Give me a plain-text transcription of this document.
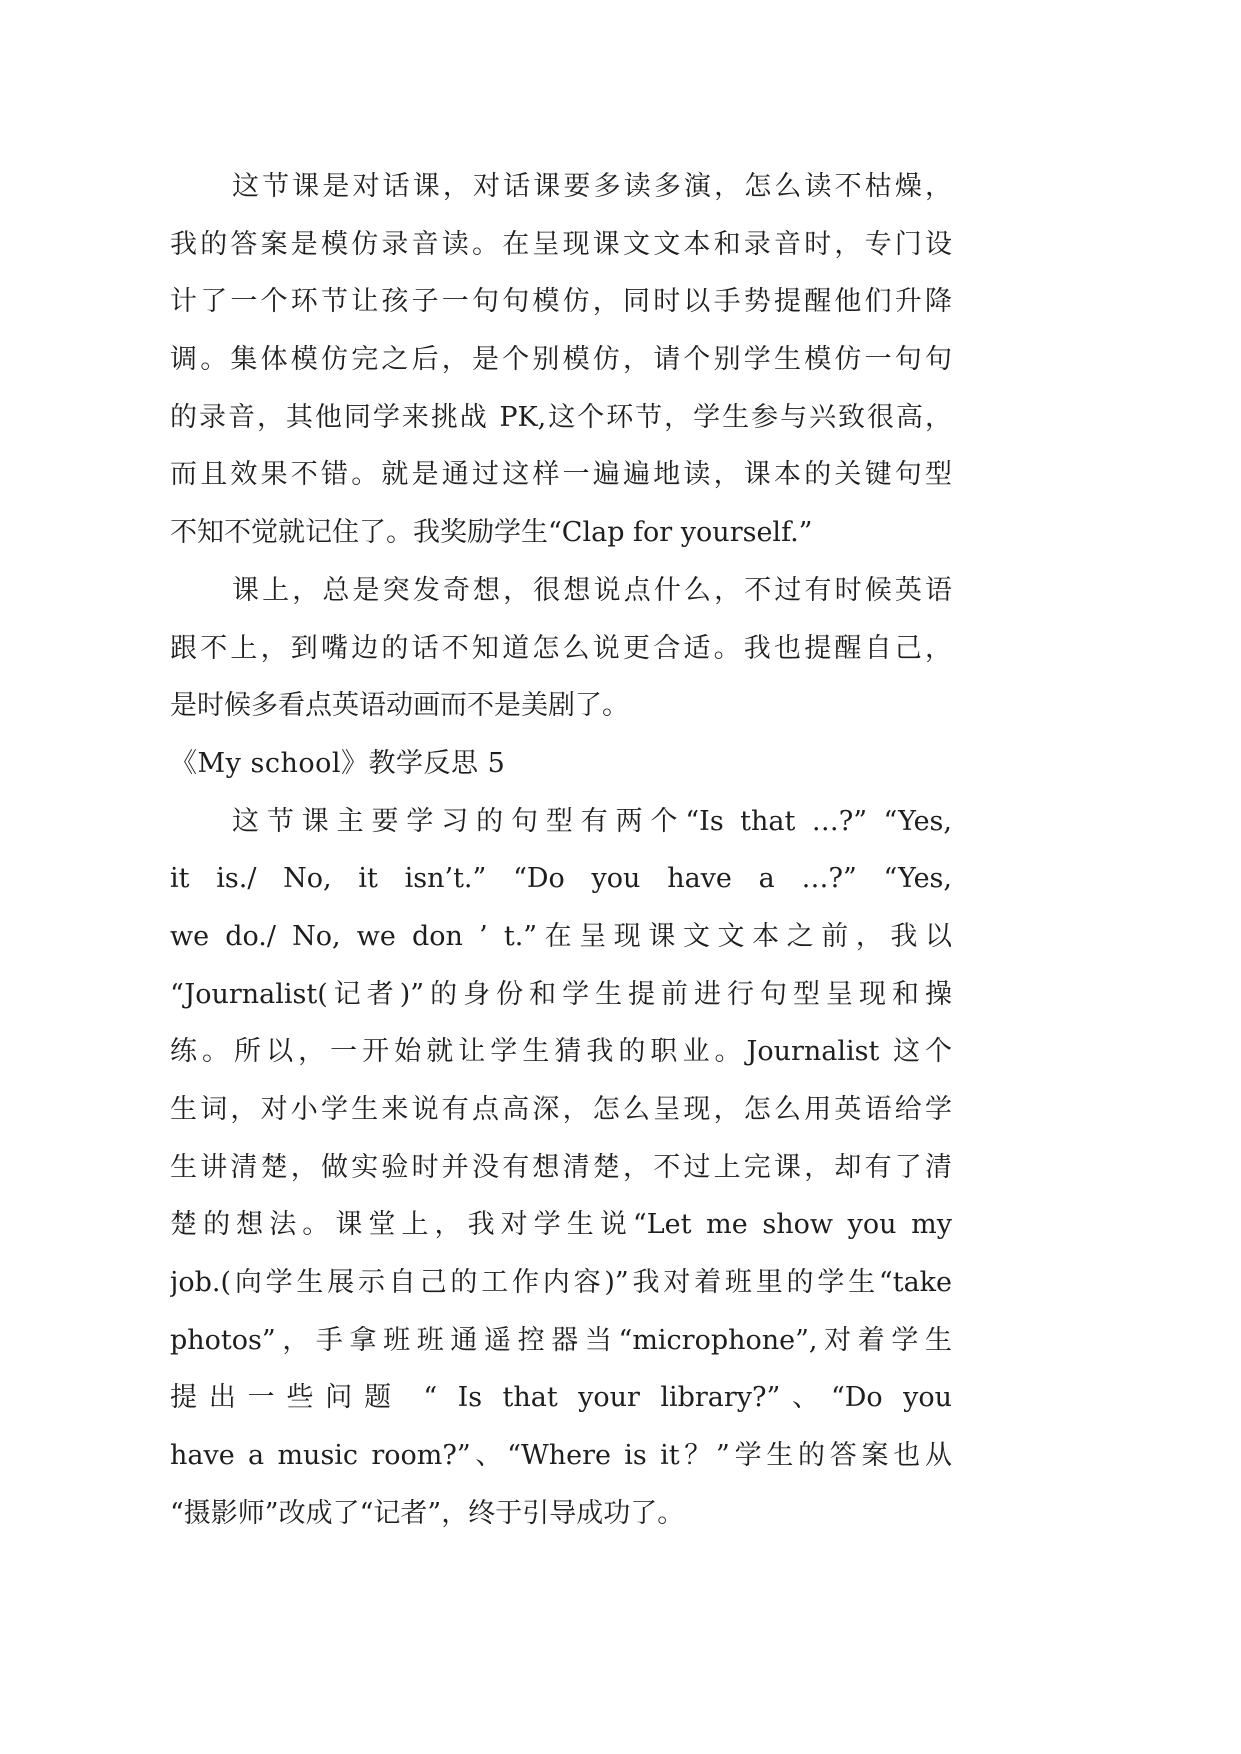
这节课是对话课，对话课要多读多演，怎么读不枯燥，
我的答案是模仿录音读。在呈现课文文本和录音时，专门设
计了一个环节让孩子一句句模仿，同时以手势提醒他们升降
调。集体模仿完之后，是个别模仿，请个别学生模仿一句句
的录音，其他同学来挑战 PK,这个环节，学生参与兴致很高，
而且效果不错。就是通过这样一遍遍地读，课本的关键句型
不知不觉就记住了。我奖励学生“Clap for yourself.”
课上，总是突发奇想，很想说点什么，不过有时候英语
跟不上，到嘴边的话不知道怎么说更合适。我也提醒自己，
是时候多看点英语动画而不是美剧了。
《My school》教学反思 5
这节课主要学习的句型有两个“Is that …?” “Yes,
it is./ No, it isn’t.” “Do you have a …?” “Yes,
we do./ No, we don ’ t.”在呈现课文文本之前，我以
“Journalist(记者)”的身份和学生提前进行句型呈现和操
练。所以，一开始就让学生猜我的职业。Journalist 这个
生词，对小学生来说有点高深，怎么呈现，怎么用英语给学
生讲清楚，做实验时并没有想清楚，不过上完课，却有了清
楚的想法。课堂上，我对学生说“Let me show you my
job.(向学生展示自己的工作内容)”我对着班里的学生“take
photos”，手拿班班通遥控器当“microphone”,对着学生
提出一些问题 “ Is that your library?”、“Do you
have a music room?”、“Where is it？”学生的答案也从
“摄影师”改成了“记者”，终于引导成功了。
